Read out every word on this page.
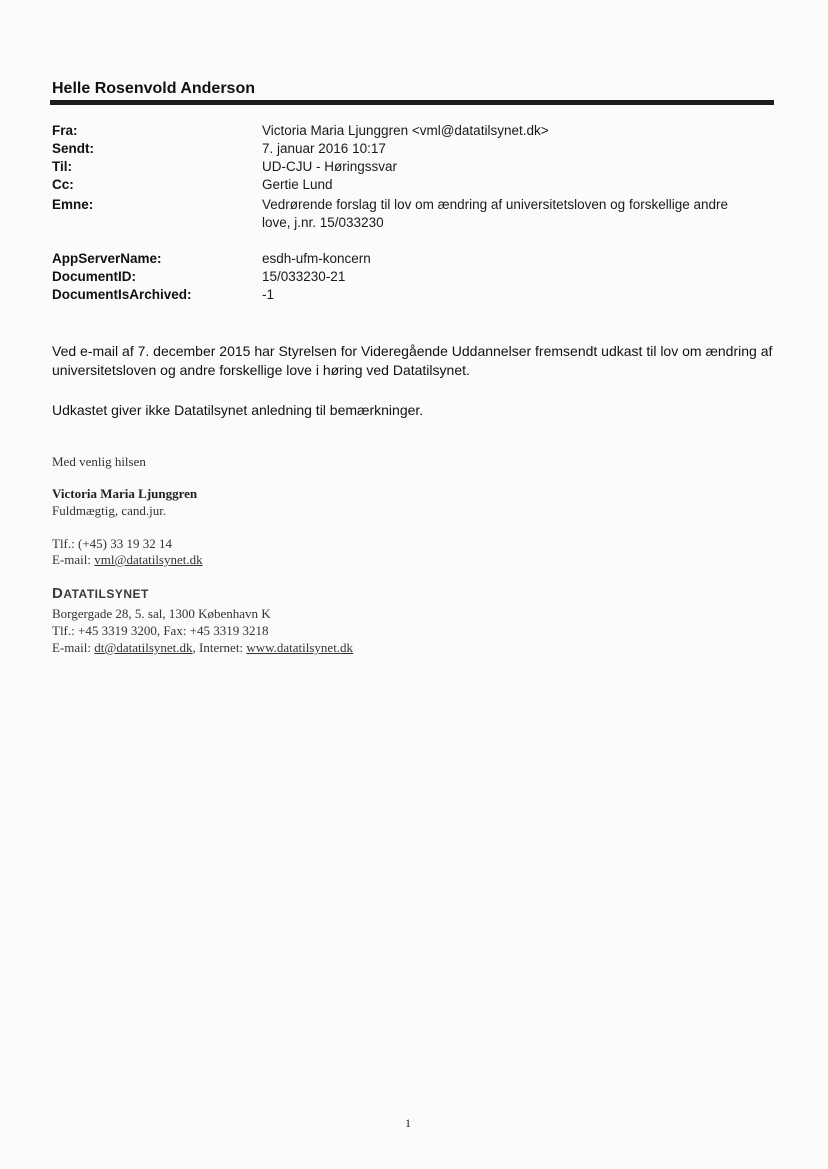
Helle Rosenvold Anderson
Fra:	Victoria Maria Ljunggren <vml@datatilsynet.dk>
Sendt:	7. januar 2016 10:17
Til:	UD-CJU - Høringssvar
Cc:	Gertie Lund
Emne:	Vedrørende forslag til lov om ændring af universitetsloven og forskellige andre
love, j.nr. 15/033230
AppServerName:	esdh-ufm-koncern
DocumentID:	15/033230-21
DocumentIsArchived:	-1
Ved e-mail af 7. december 2015 har Styrelsen for Videregående Uddannelser fremsendt udkast til lov om ændring af
universitetsloven og andre forskellige love i høring ved Datatilsynet.
Udkastet giver ikke Datatilsynet anledning til bemærkninger.
Med venlig hilsen
Victoria Maria Ljunggren
Fuldmægtig, cand.jur.
Tlf.: (+45) 33 19 32 14
E-mail: vml@datatilsynet.dk
DATATILSYNET
Borgergade 28, 5. sal, 1300 København K
Tlf.: +45 3319 3200, Fax: +45 3319 3218
E-mail: dt@datatilsynet.dk, Internet: www.datatilsynet.dk
1
